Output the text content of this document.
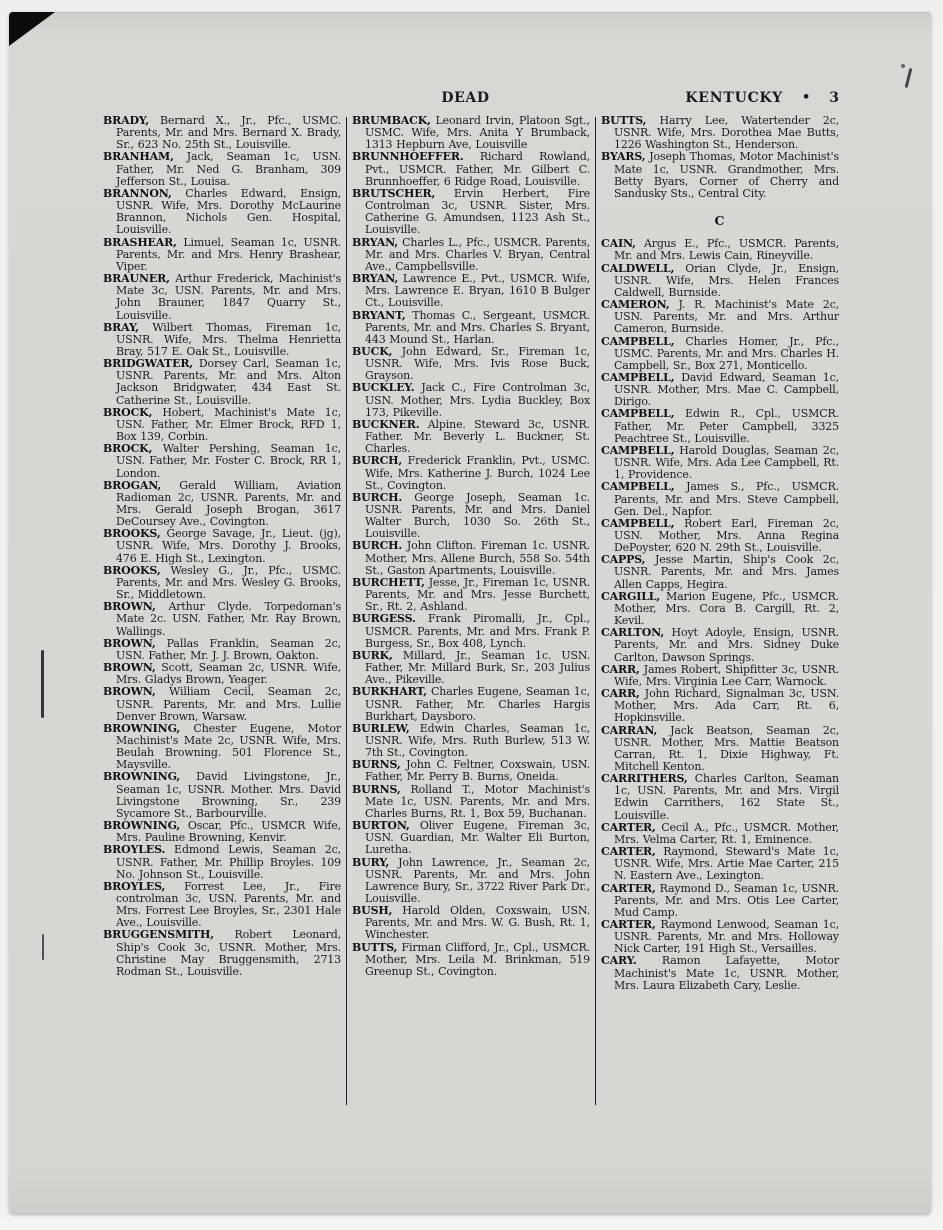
DEAD	KENTUCKY • 3

BRADY, Bernard X., Jr., Pfc., USMC. Parents, Mr. and Mrs. Bernard X. Brady, Sr., 623 No. 25th St., Louisville.

BRANHAM, Jack, Seaman 1c, USN. Father, Mr. Ned G. Branham, 309 Jefferson St., Louisa.

BRANNON, Charles Edward, Ensign, USNR. Wife, Mrs. Dorothy McLaurine Brannon, Nichols Gen. Hospital, Louisville.

BRASHEAR, Limuel, Seaman 1c, USNR. Parents, Mr. and Mrs. Henry Brashear, Viper.

BRAUNER, Arthur Frederick, Machinist's Mate 3c, USN. Parents, Mr. and Mrs. John Brauner, 1847 Quarry St., Louisville.

BRAY, Wilbert Thomas, Fireman 1c, USNR. Wife, Mrs. Thelma Henrietta Bray, 517 E. Oak St., Louisville.

BRIDGWATER, Dorsey Carl, Seaman 1c, USNR. Parents, Mr. and Mrs. Alton Jackson Bridgwater, 434 East St. Catherine St., Louisville.

BROCK, Hobert, Machinist's Mate 1c, USN. Father, Mr. Elmer Brock, RFD 1, Box 139, Corbin.

BROCK, Walter Pershing, Seaman 1c, USN. Father, Mr. Foster C. Brock, RR 1, London.

BROGAN, Gerald William, Aviation Radioman 2c, USNR. Parents, Mr. and Mrs. Gerald Joseph Brogan, 3617 DeCoursey Ave., Covington.

BROOKS, George Savage, Jr., Lieut. (jg), USNR. Wife, Mrs. Dorothy J. Brooks, 476 E. High St., Lexington.

BROOKS, Wesley G., Jr., Pfc., USMC. Parents, Mr. and Mrs. Wesley G. Brooks, Sr., Middletown.

BROWN, Arthur Clyde. Torpedoman's Mate 2c. USN. Father, Mr. Ray Brown, Wallings.

BROWN, Pallas Franklin, Seaman 2c, USN. Father, Mr. J. J. Brown, Oakton.

BROWN, Scott, Seaman 2c, USNR. Wife, Mrs. Gladys Brown, Yeager.

BROWN, William Cecil, Seaman 2c, USNR. Parents, Mr. and Mrs. Lullie Denver Brown, Warsaw.

BROWNING, Chester Eugene, Motor Machinist's Mate 2c, USNR. Wife, Mrs. Beulah Browning. 501 Florence St., Maysville.

BROWNING, David Livingstone, Jr., Seaman 1c, USNR. Mother. Mrs. David Livingstone Browning, Sr., 239 Sycamore St., Barbourville.

BROWNING, Oscar, Pfc., USMCR Wife, Mrs. Pauline Browning, Kenvir.

BROYLES. Edmond Lewis, Seaman 2c, USNR. Father, Mr. Phillip Broyles. 109 No. Johnson St., Louisville.

BROYLES, Forrest Lee, Jr., Fire controlman 3c, USN. Parents, Mr. and Mrs. Forrest Lee Broyles, Sr., 2301 Hale Ave., Louisville.

BRUGGENSMITH, Robert Leonard, Ship's Cook 3c, USNR. Mother, Mrs. Christine May Bruggensmith, 2713 Rodman St., Louisville.

BRUMBACK, Leonard Irvin, Platoon Sgt., USMC. Wife, Mrs. Anita Y Brumback, 1313 Hepburn Ave, Louisville

BRUNNHOEFFER. Richard Rowland, Pvt., USMCR. Father, Mr. Gilbert C. Brunnhoeffer, 6 Ridge Road, Louisville.

BRUTSCHER, Ervin Herbert, Fire Controlman 3c, USNR. Sister, Mrs. Catherine G. Amundsen, 1123 Ash St., Louisville.

BRYAN, Charles L., Pfc., USMCR. Parents, Mr. and Mrs. Charles V. Bryan, Central Ave., Campbellsville.

BRYAN, Lawrence E., Pvt., USMCR. Wife, Mrs. Lawrence E. Bryan, 1610 B Bulger Ct., Louisville.

BRYANT, Thomas C., Sergeant, USMCR. Parents, Mr. and Mrs. Charles S. Bryant, 443 Mound St., Harlan.

BUCK, John Edward, Sr., Fireman 1c, USNR. Wife, Mrs. Ivis Rose Buck, Grayson.

BUCKLEY. Jack C., Fire Controlman 3c, USN. Mother, Mrs. Lydia Buckley, Box 173, Pikeville.

BUCKNER. Alpine. Steward 3c, USNR. Father. Mr. Beverly L. Buckner, St. Charles.

BURCH, Frederick Franklin, Pvt., USMC. Wife, Mrs. Katherine J. Burch, 1024 Lee St., Covington.

BURCH. George Joseph, Seaman 1c. USNR. Parents, Mr. and Mrs. Daniel Walter Burch, 1030 So. 26th St., Louisville.

BURCH. John Clifton. Fireman 1c. USNR. Mother, Mrs. Allene Burch, 558 So. 54th St., Gaston Apartments, Louisville.

BURCHETT, Jesse, Jr., Fireman 1c, USNR. Parents, Mr. and Mrs. Jesse Burchett, Sr., Rt. 2, Ashland.

BURGESS. Frank Piromalli, Jr., Cpl., USMCR. Parents, Mr. and Mrs. Frank P. Burgess, Sr., Box 408, Lynch.

BURK, Millard, Jr., Seaman 1c. USN. Father, Mr. Millard Burk, Sr., 203 Julius Ave., Pikeville.

BURKHART, Charles Eugene, Seaman 1c, USNR. Father, Mr. Charles Hargis Burkhart, Daysboro.

BURLEW, Edwin Charles, Seaman 1c, USNR. Wife, Mrs. Ruth Burlew, 513 W. 7th St., Covington.

BURNS, John C. Feltner, Coxswain, USN. Father, Mr. Perry B. Burns, Oneida.

BURNS, Rolland T., Motor Machinist's Mate 1c, USN. Parents, Mr. and Mrs. Charles Burns, Rt. 1, Box 59, Buchanan.

BURTON, Oliver Eugene, Fireman 3c, USN. Guardian, Mr. Walter Eli Burton, Luretha.

BURY, John Lawrence, Jr., Seaman 2c, USNR. Parents, Mr. and Mrs. John Lawrence Bury, Sr., 3722 River Park Dr., Louisville.

BUSH, Harold Olden, Coxswain, USN. Parents, Mr. and Mrs. W. G. Bush, Rt. 1, Winchester.

BUTTS, Firman Clifford, Jr., Cpl., USMCR. Mother, Mrs. Leila M. Brinkman, 519 Greenup St., Covington.

BUTTS, Harry Lee, Watertender 2c, USNR. Wife, Mrs. Dorothea Mae Butts, 1226 Washington St., Henderson.

BYARS, Joseph Thomas, Motor Machinist's Mate 1c, USNR. Grandmother, Mrs. Betty Byars, Corner of Cherry and Sandusky Sts., Central City.

C

CAIN, Argus E., Pfc., USMCR. Parents, Mr. and Mrs. Lewis Cain, Rineyville.

CALDWELL, Orian Clyde, Jr., Ensign, USNR. Wife, Mrs. Helen Frances Caldwell, Burnside.

CAMERON, J. R. Machinist's Mate 2c, USN. Parents, Mr. and Mrs. Arthur Cameron, Burnside.

CAMPBELL, Charles Homer, Jr., Pfc., USMC. Parents, Mr. and Mrs. Charles H. Campbell, Sr., Box 271, Monticello.

CAMPBELL, David Edward, Seaman 1c, USNR. Mother, Mrs. Mae C. Campbell, Dirigo.

CAMPBELL, Edwin R., Cpl., USMCR. Father, Mr. Peter Campbell, 3325 Peachtree St., Louisville.

CAMPBELL, Harold Douglas, Seaman 2c, USNR. Wife, Mrs. Ada Lee Campbell, Rt. 1, Providence.

CAMPBELL, James S., Pfc., USMCR. Parents, Mr. and Mrs. Steve Campbell, Gen. Del., Napfor.

CAMPBELL, Robert Earl, Fireman 2c, USN. Mother, Mrs. Anna Regina DePoyster, 620 N. 29th St., Louisville.

CAPPS, Jesse Martin, Ship's Cook 2c, USNR. Parents, Mr. and Mrs. James Allen Capps, Hegira.

CARGILL, Marion Eugene, Pfc., USMCR. Mother, Mrs. Cora B. Cargill, Rt. 2, Kevil.

CARLTON, Hoyt Adoyle, Ensign, USNR. Parents, Mr. and Mrs. Sidney Duke Carlton, Dawson Springs.

CARR, James Robert, Shipfitter 3c, USNR. Wife, Mrs. Virginia Lee Carr, Warnock.

CARR, John Richard, Signalman 3c, USN. Mother, Mrs. Ada Carr, Rt. 6, Hopkinsville.

CARRAN, Jack Beatson, Seaman 2c, USNR. Mother, Mrs. Mattie Beatson Carran, Rt. 1, Dixie Highway, Ft. Mitchell Kenton.

CARRITHERS, Charles Carlton, Seaman 1c, USN. Parents, Mr. and Mrs. Virgil Edwin Carrithers, 162 State St., Louisville.

CARTER, Cecil A., Pfc., USMCR. Mother, Mrs. Velma Carter, Rt. 1, Eminence.

CARTER, Raymond, Steward's Mate 1c, USNR. Wife, Mrs. Artie Mae Carter, 215 N. Eastern Ave., Lexington.

CARTER, Raymond D., Seaman 1c, USNR. Parents, Mr. and Mrs. Otis Lee Carter, Mud Camp.

CARTER, Raymond Lenwood, Seaman 1c, USNR. Parents, Mr. and Mrs. Holloway Nick Carter, 191 High St., Versailles.

CARY. Ramon Lafayette, Motor Machinist's Mate 1c, USNR. Mother, Mrs. Laura Elizabeth Cary, Leslie.
